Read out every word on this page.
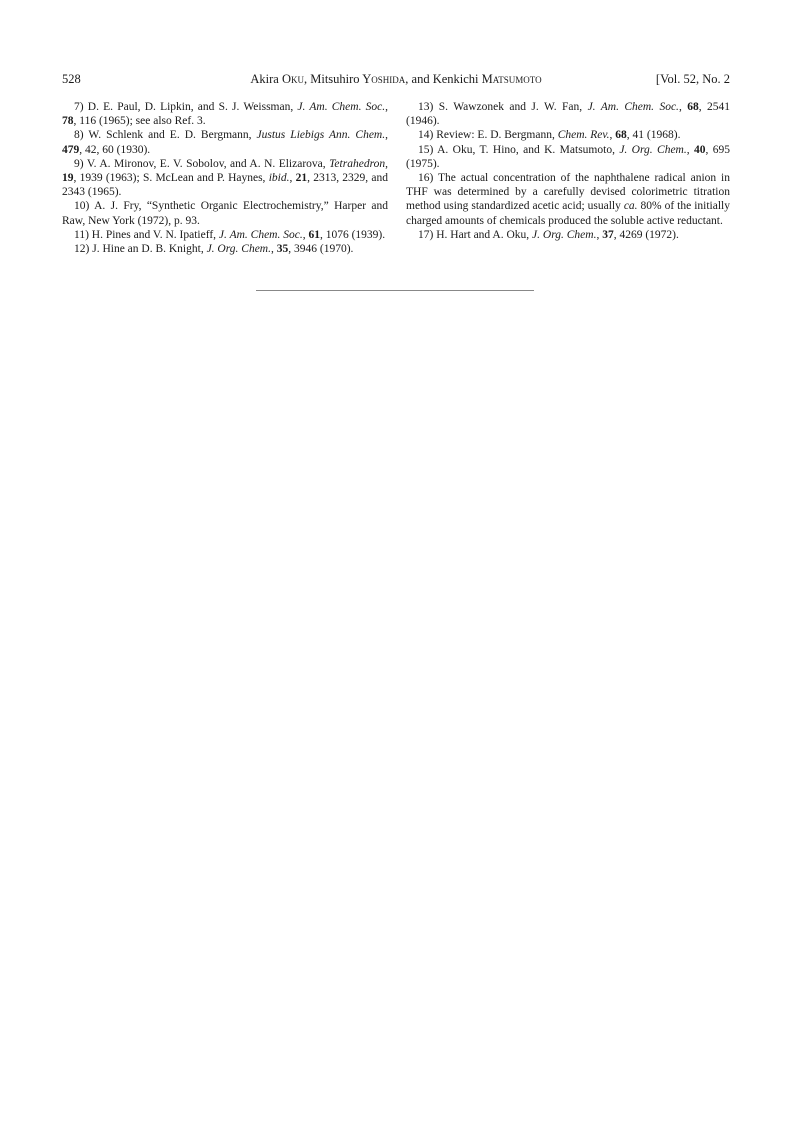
528	Akira Oku, Mitsuhiro Yoshida, and Kenkichi Matsumoto	[Vol. 52, No. 2

7) D. E. Paul, D. Lipkin, and S. J. Weissman, J. Am. Chem. Soc., 78, 116 (1965); see also Ref. 3.

8) W. Schlenk and E. D. Bergmann, Justus Liebigs Ann. Chem., 479, 42, 60 (1930).

9) V. A. Mironov, E. V. Sobolov, and A. N. Elizarova, Tetrahedron, 19, 1939 (1963); S. McLean and P. Haynes, ibid., 21, 2313, 2329, and 2343 (1965).

10) A. J. Fry, “Synthetic Organic Electrochemistry,” Harper and Raw, New York (1972), p. 93.

11) H. Pines and V. N. Ipatieff, J. Am. Chem. Soc., 61, 1076 (1939).

12) J. Hine an D. B. Knight, J. Org. Chem., 35, 3946 (1970).

13) S. Wawzonek and J. W. Fan, J. Am. Chem. Soc., 68, 2541 (1946).

14) Review: E. D. Bergmann, Chem. Rev., 68, 41 (1968).

15) A. Oku, T. Hino, and K. Matsumoto, J. Org. Chem., 40, 695 (1975).

16) The actual concentration of the naphthalene radical anion in THF was determined by a carefully devised colorimetric titration method using standardized acetic acid; usually ca. 80% of the initially charged amounts of chemicals produced the soluble active reductant.

17) H. Hart and A. Oku, J. Org. Chem., 37, 4269 (1972).
